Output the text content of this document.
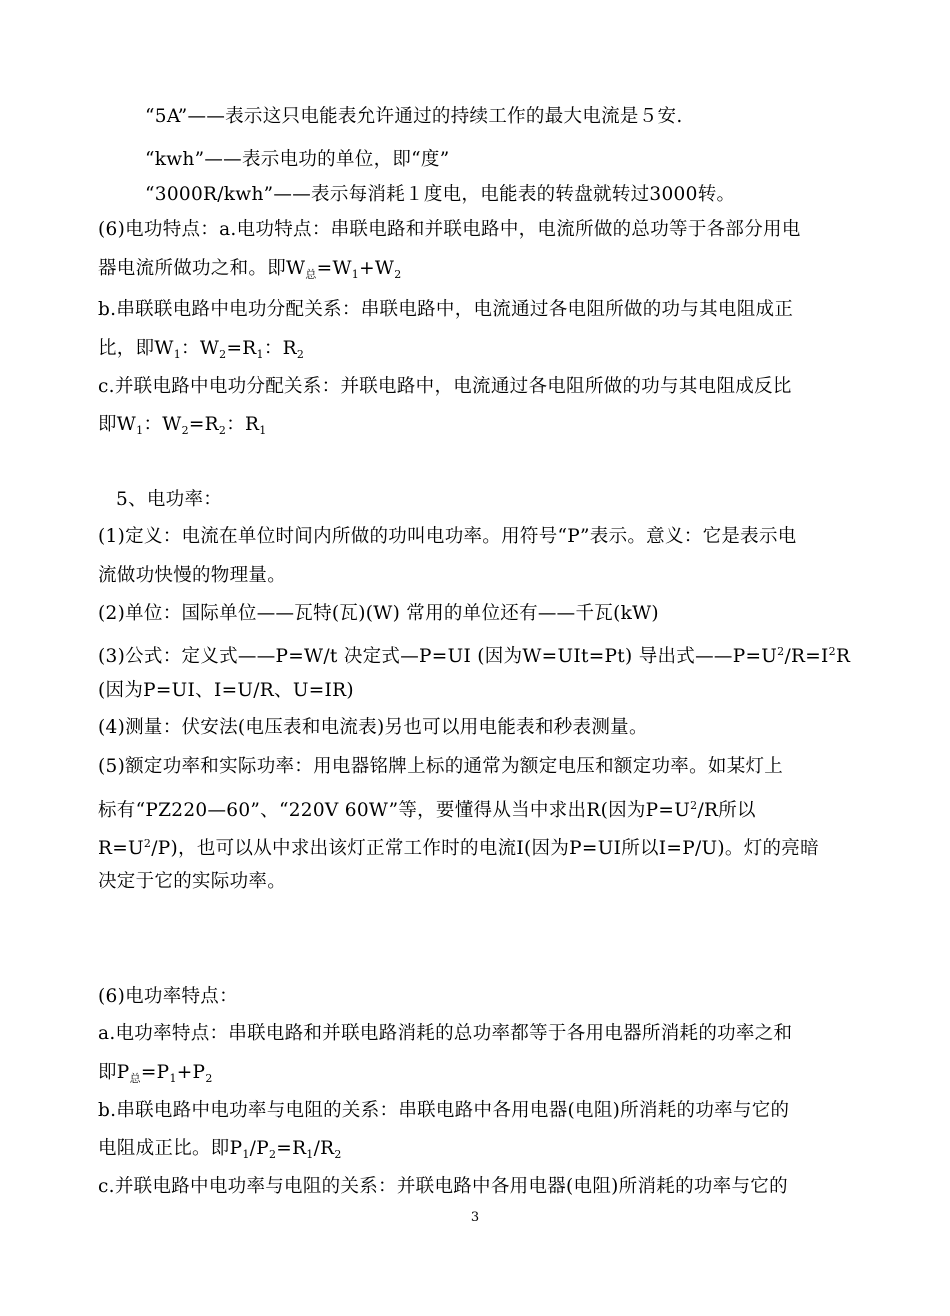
“5A”——表示这只电能表允许通过的持续工作的最大电流是５安.
“kwh”——表示电功的单位，即“度”
“3000R/kwh”——表示每消耗１度电，电能表的转盘就转过3000转。
(6)电功特点：a.电功特点：串联电路和并联电路中，电流所做的总功等于各部分用电
器电流所做功之和。即$W_总=W_1+W_2$
b.串联联电路中电功分配关系：串联电路中，电流通过各电阻所做的功与其电阻成正
比，即$W_1$：$W_2=R_1$：$R_2$
c.并联电路中电功分配关系：并联电路中，电流通过各电阻所做的功与其电阻成反比
即$W_1$：$W_2=R_2$：$R_1$
5、电功率：
(1)定义：电流在单位时间内所做的功叫电功率。用符号“P”表示。意义：它是表示电
流做功快慢的物理量。
(2)单位：国际单位——瓦特(瓦)(W) 常用的单位还有——千瓦(kW)
(3)公式：定义式——P=W/t 决定式—P=UI (因为W=UIt=Pt) 导出式$——P=U^2/R=I^2R$
(因为P=UI、I=U/R、U=IR)
(4)测量：伏安法(电压表和电流表)另也可以用电能表和秒表测量。
(5)额定功率和实际功率：用电器铭牌上标的通常为额定电压和额定功率。如某灯上
标有“PZ220—60”、“220V 60W”等，要懂得从当中求出R(因为$P=U^2/R$所以
$R=U^2/P$)，也可以从中求出该灯正常工作时的电流I(因为P=UI所以I=P/U)。灯的亮暗
决定于它的实际功率。
(6)电功率特点：
a.电功率特点：串联电路和并联电路消耗的总功率都等于各用电器所消耗的功率之和
即$P_总=P_1+P_2$
b.串联电路中电功率与电阻的关系：串联电路中各用电器(电阻)所消耗的功率与它的
电阻成正比。即$P_1/P_2=R_1/R_2$
c.并联电路中电功率与电阻的关系：并联电路中各用电器(电阻)所消耗的功率与它的
3
